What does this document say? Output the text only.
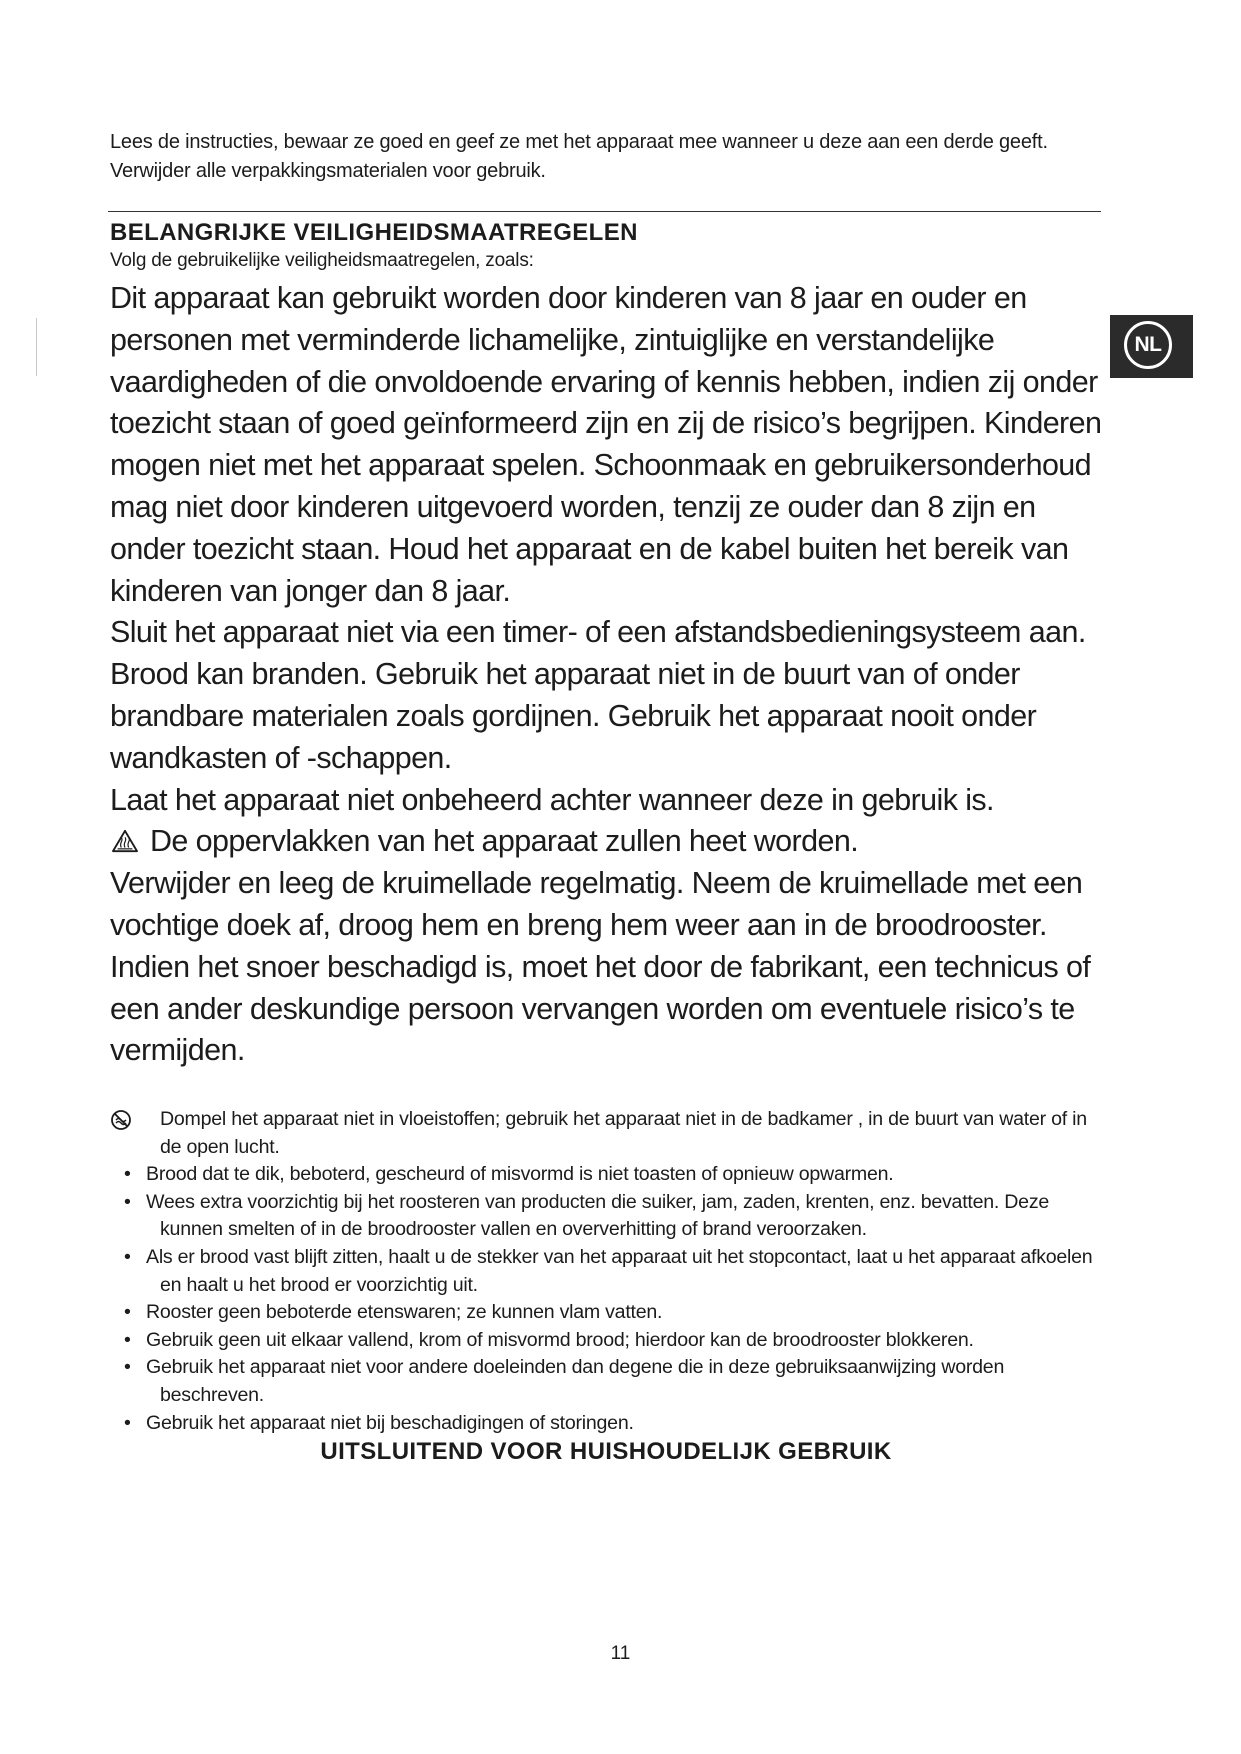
Lees de instructies, bewaar ze goed en geef ze met het apparaat mee wanneer u deze aan een derde geeft. Verwijder alle verpakkingsmaterialen voor gebruik.
BELANGRIJKE VEILIGHEIDSMAATREGELEN
Volg de gebruikelijke veiligheidsmaatregelen, zoals:

Dit apparaat kan gebruikt worden door kinderen van 8 jaar en ouder en personen met verminderde lichamelijke, zintuiglijke en verstandelijke vaardigheden of die onvoldoende ervaring of kennis hebben, indien zij onder toezicht staan of goed geïnformeerd zijn en zij de risico’s begrijpen. Kinderen mogen niet met het apparaat spelen. Schoonmaak en gebruikersonderhoud mag niet door kinderen uitgevoerd worden, tenzij ze ouder dan 8 zijn en onder toezicht staan. Houd het apparaat en de kabel buiten het bereik van kinderen van jonger dan 8 jaar.

Sluit het apparaat niet via een timer- of een afstandsbedieningsysteem aan.

Brood kan branden. Gebruik het apparaat niet in de buurt van of onder brandbare materialen zoals gordijnen. Gebruik het apparaat nooit onder wandkasten of -schappen.

Laat het apparaat niet onbeheerd achter wanneer deze in gebruik is.

De oppervlakken van het apparaat zullen heet worden.

Verwijder en leeg de kruimellade regelmatig. Neem de kruimellade met een vochtige doek af, droog hem en breng hem weer aan in de broodrooster.

Indien het snoer beschadigd is, moet het door de fabrikant, een technicus of een ander deskundige persoon vervangen worden om eventuele risico’s te vermijden.

Dompel het apparaat niet in vloeistoffen; gebruik het apparaat niet in de badkamer , in de buurt van water of in de open lucht.
• Brood dat te dik, beboterd, gescheurd of misvormd is niet toasten of opnieuw opwarmen.
• Wees extra voorzichtig bij het roosteren van producten die suiker, jam, zaden, krenten, enz. bevatten. Deze kunnen smelten of in de broodrooster vallen en oververhitting of brand veroorzaken.
• Als er brood vast blijft zitten, haalt u de stekker van het apparaat uit het stopcontact, laat u het apparaat afkoelen en haalt u het brood er voorzichtig uit.
• Rooster geen beboterde etenswaren; ze kunnen vlam vatten.
• Gebruik geen uit elkaar vallend, krom of misvormd brood; hierdoor kan de broodrooster blokkeren.
• Gebruik het apparaat niet voor andere doeleinden dan degene die in deze gebruiksaanwijzing worden beschreven.
• Gebruik het apparaat niet bij beschadigingen of storingen.
UITSLUITEND VOOR HUISHOUDELIJK GEBRUIK
11
NL
